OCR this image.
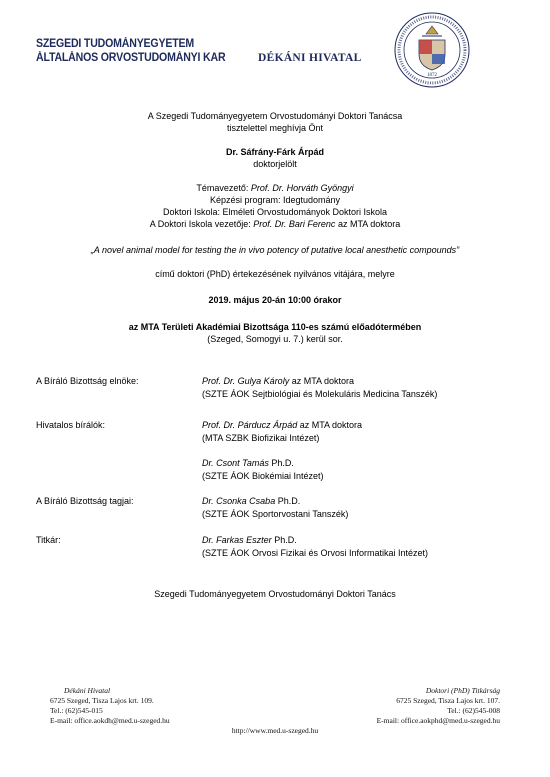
SZEGEDI TUDOMÁNYEGYETEM
ÁLTALÁNOS ORVOSTUDOMÁNYI KAR	DÉKÁNI HIVATAL
1872
A Szegedi Tudományegyetem Orvostudományi Doktori Tanácsa
tisztelettel meghívja Önt
Dr. Sáfrány-Fárk Árpád
doktorjelölt
Témavezető: Prof. Dr. Horváth Gyöngyi
Képzési program: Idegtudomány
Doktori Iskola: Elméleti Orvostudományok Doktori Iskola
A Doktori Iskola vezetője: Prof. Dr. Bari Ferenc az MTA doktora
„A novel animal model for testing the in vivo potency of putative local anesthetic compounds”
című doktori (PhD) értekezésének nyilvános vitájára, melyre
2019. május 20-án 10:00 órakor
az MTA Területi Akadémiai Bizottsága 110-es számú előadótermében
(Szeged, Somogyi u. 7.) kerül sor.
A Bíráló Bizottság elnöke:	Prof. Dr. Gulya Károly az MTA doktora
(SZTE ÁOK Sejtbiológiai és Molekuláris Medicina Tanszék)
Hivatalos bírálók:	Prof. Dr. Párducz Árpád az MTA doktora
(MTA SZBK Biofizikai Intézet)
Dr. Csont Tamás Ph.D.
(SZTE ÁOK Biokémiai Intézet)
A Bíráló Bizottság tagjai:	Dr. Csonka Csaba Ph.D.
(SZTE ÁOK Sportorvostani Tanszék)
Titkár:	Dr. Farkas Eszter Ph.D.
(SZTE ÁOK Orvosi Fizikai és Orvosi Informatikai Intézet)
Szegedi Tudományegyetem Orvostudományi Doktori Tanács
Dékáni Hivatal
6725 Szeged, Tisza Lajos krt. 109.
Tel.: (62)545-015
E-mail: office.aokdh@med.u-szeged.hu
Doktori (PhD) Titkárság
6725 Szeged, Tisza Lajos krt. 107.
Tel.: (62)545-008
E-mail: office.aokphd@med.u-szeged.hu
http://www.med.u-szeged.hu
